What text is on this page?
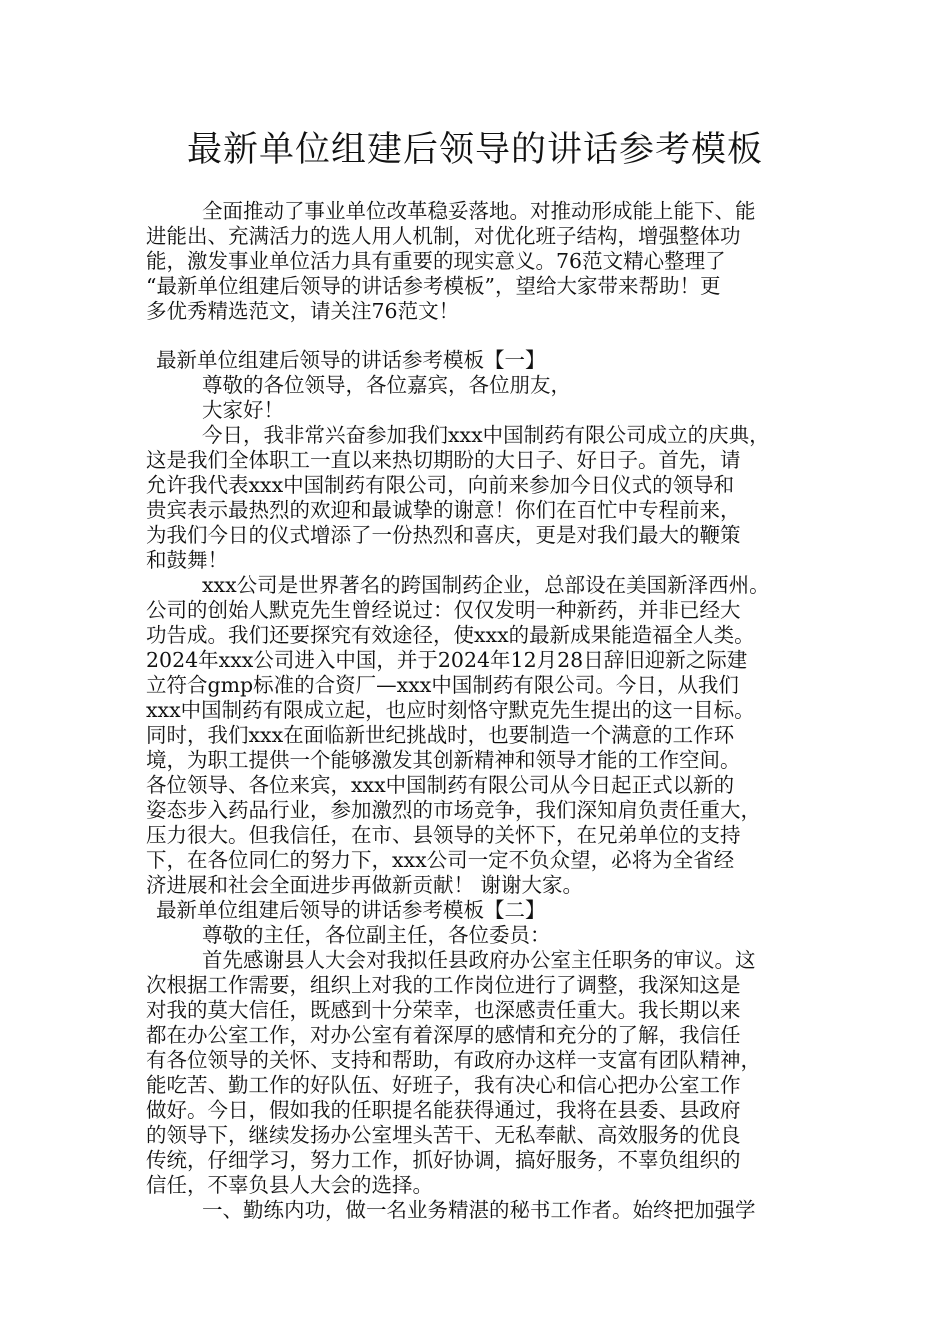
最新单位组建后领导的讲话参考模板
全面推动了事业单位改革稳妥落地。对推动形成能上能下、能
进能出、充满活力的选人用人机制，对优化班子结构，增强整体功
能，激发事业单位活力具有重要的现实意义。76范文精心整理了
“最新单位组建后领导的讲话参考模板”，望给大家带来帮助！更
多优秀精选范文，请关注76范文！
最新单位组建后领导的讲话参考模板【一】
尊敬的各位领导，各位嘉宾，各位朋友，
大家好！
今日，我非常兴奋参加我们xxx中国制药有限公司成立的庆典，
这是我们全体职工一直以来热切期盼的大日子、好日子。首先，请
允许我代表xxx中国制药有限公司，向前来参加今日仪式的领导和
贵宾表示最热烈的欢迎和最诚挚的谢意！你们在百忙中专程前来，
为我们今日的仪式增添了一份热烈和喜庆，更是对我们最大的鞭策
和鼓舞！
xxx公司是世界著名的跨国制药企业，总部设在美国新泽西州。
公司的创始人默克先生曾经说过：仅仅发明一种新药，并非已经大
功告成。我们还要探究有效途径，使xxx的最新成果能造福全人类。
2024年xxx公司进入中国，并于2024年12月28日辞旧迎新之际建
立符合gmp标准的合资厂—xxx中国制药有限公司。今日，从我们
xxx中国制药有限成立起，也应时刻恪守默克先生提出的这一目标。
同时，我们xxx在面临新世纪挑战时，也要制造一个满意的工作环
境，为职工提供一个能够激发其创新精神和领导才能的工作空间。
各位领导、各位来宾，xxx中国制药有限公司从今日起正式以新的
姿态步入药品行业，参加激烈的市场竞争，我们深知肩负责任重大，
压力很大。但我信任，在市、县领导的关怀下，在兄弟单位的支持
下，在各位同仁的努力下，xxx公司一定不负众望，必将为全省经
济进展和社会全面进步再做新贡献！ 谢谢大家。
最新单位组建后领导的讲话参考模板【二】
尊敬的主任，各位副主任，各位委员：
首先感谢县人大会对我拟任县政府办公室主任职务的审议。这
次根据工作需要，组织上对我的工作岗位进行了调整，我深知这是
对我的莫大信任，既感到十分荣幸，也深感责任重大。我长期以来
都在办公室工作，对办公室有着深厚的感情和充分的了解，我信任
有各位领导的关怀、支持和帮助，有政府办这样一支富有团队精神，
能吃苦、勤工作的好队伍、好班子，我有决心和信心把办公室工作
做好。今日，假如我的任职提名能获得通过，我将在县委、县政府
的领导下，继续发扬办公室埋头苦干、无私奉献、高效服务的优良
传统，仔细学习，努力工作，抓好协调，搞好服务，不辜负组织的
信任，不辜负县人大会的选择。
一、勤练内功，做一名业务精湛的秘书工作者。始终把加强学
